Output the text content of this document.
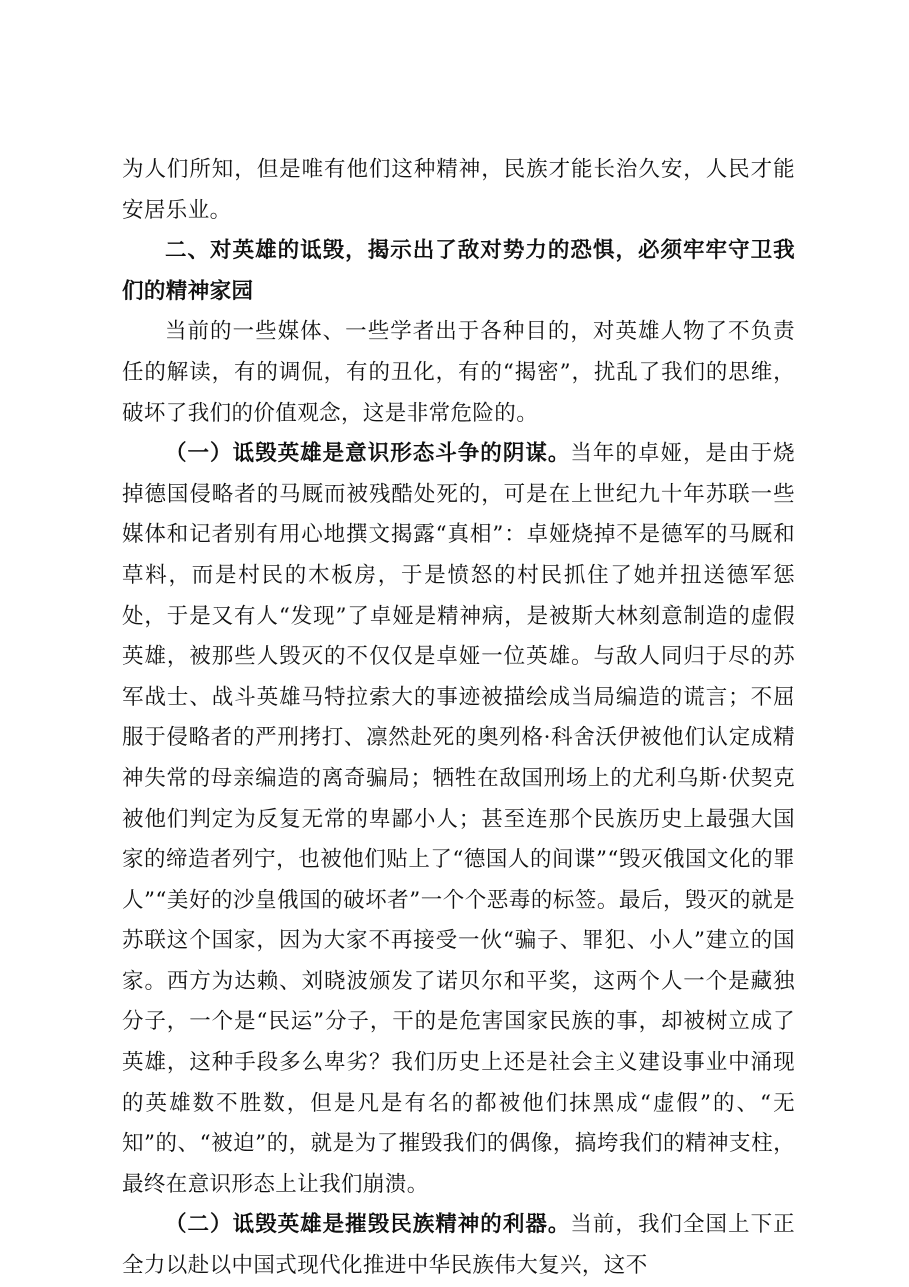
为人们所知，但是唯有他们这种精神，民族才能长治久安，人民才能安居乐业。

二、对英雄的诋毁，揭示出了敌对势力的恐惧，必须牢牢守卫我们的精神家园

当前的一些媒体、一些学者出于各种目的，对英雄人物了不负责任的解读，有的调侃，有的丑化，有的“揭密”，扰乱了我们的思维，破坏了我们的价值观念，这是非常危险的。

（一）诋毁英雄是意识形态斗争的阴谋。当年的卓娅，是由于烧掉德国侵略者的马厩而被残酷处死的，可是在上世纪九十年苏联一些媒体和记者别有用心地撰文揭露“真相”：卓娅烧掉不是德军的马厩和草料，而是村民的木板房，于是愤怒的村民抓住了她并扭送德军惩处，于是又有人“发现”了卓娅是精神病，是被斯大林刻意制造的虚假英雄，被那些人毁灭的不仅仅是卓娅一位英雄。与敌人同归于尽的苏军战士、战斗英雄马特拉索大的事迹被描绘成当局编造的谎言；不屈服于侵略者的严刑拷打、凛然赴死的奥列格·科舍沃伊被他们认定成精神失常的母亲编造的离奇骗局；牺牲在敌国刑场上的尤利乌斯·伏契克被他们判定为反复无常的卑鄙小人；甚至连那个民族历史上最强大国家的缔造者列宁，也被他们贴上了“德国人的间谍”“毁灭俄国文化的罪人”“美好的沙皇俄国的破坏者”一个个恶毒的标签。最后，毁灭的就是苏联这个国家，因为大家不再接受一伙“骗子、罪犯、小人”建立的国家。西方为达赖、刘晓波颁发了诺贝尔和平奖，这两个人一个是藏独分子，一个是“民运”分子，干的是危害国家民族的事，却被树立成了英雄，这种手段多么卑劣？我们历史上还是社会主义建设事业中涌现的英雄数不胜数，但是凡是有名的都被他们抹黑成“虚假”的、“无知”的、“被迫”的，就是为了摧毁我们的偶像，搞垮我们的精神支柱，最终在意识形态上让我们崩溃。

（二）诋毁英雄是摧毁民族精神的利器。当前，我们全国上下正全力以赴以中国式现代化推进中华民族伟大复兴，这不
